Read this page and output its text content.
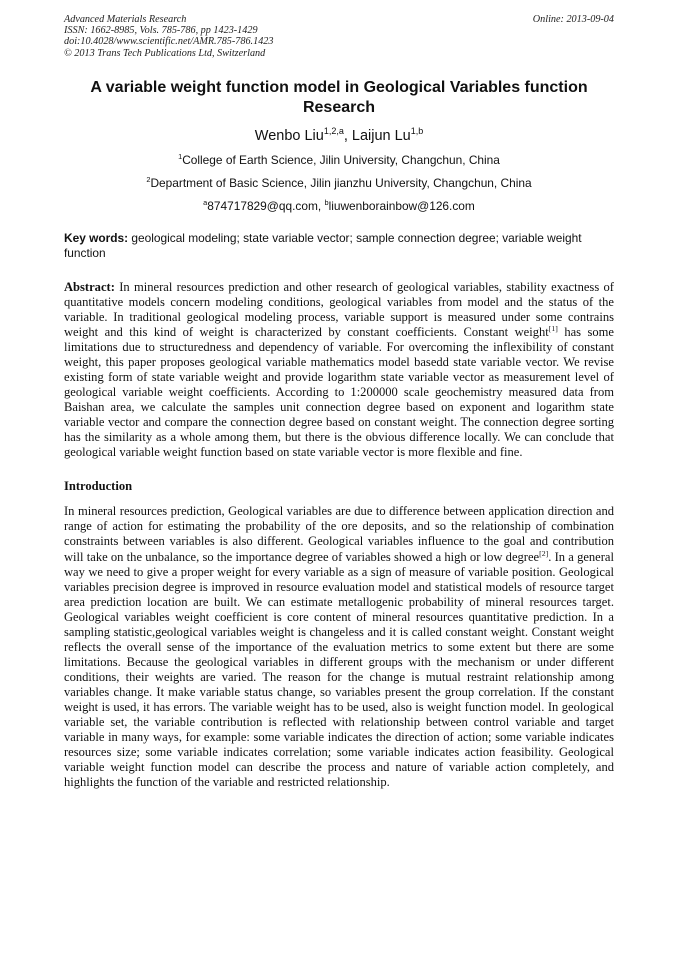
Advanced Materials Research
ISSN: 1662-8985, Vols. 785-786, pp 1423-1429
doi:10.4028/www.scientific.net/AMR.785-786.1423
© 2013 Trans Tech Publications Ltd, Switzerland
Online: 2013-09-04
A variable weight function model in Geological Variables function Research
Wenbo Liu$^{1,2,a}$, Laijun Lu$^{1,b}$
$^1$College of Earth Science, Jilin University, Changchun, China
$^2$Department of Basic Science, Jilin jianzhu University, Changchun, China
$^a$874717829@qq.com, $^b$liuwenborainbow@126.com
Key words: geological modeling; state variable vector; sample connection degree; variable weight function
Abstract: In mineral resources prediction and other research of geological variables, stability exactness of quantitative models concern modeling conditions, geological variables from model and the status of the variable. In traditional geological modeling process, variable support is measured under some contrains weight and this kind of weight is characterized by constant coefficients. Constant weight[1] has some limitations due to structuredness and dependency of variable. For overcoming the inflexibility of constant weight, this paper proposes geological variable mathematics model basedd state variable vector. We revise existing form of state variable weight and provide logarithm state variable vector as measurement level of geological variable weight coefficients. According to 1:200000 scale geochemistry measured data from Baishan area, we calculate the samples unit connection degree based on exponent and logarithm state variable vector and compare the connection degree based on constant weight. The connection degree sorting has the similarity as a whole among them, but there is the obvious difference locally. We can conclude that geological variable weight function based on state variable vector is more flexible and fine.
Introduction
In mineral resources prediction, Geological variables are due to difference between application direction and range of action for estimating the probability of the ore deposits, and so the relationship of combination constraints between variables is also different. Geological variables influence to the goal and contribution will take on the unbalance, so the importance degree of variables showed a high or low degree[2]. In a general way we need to give a proper weight for every variable as a sign of measure of variable position. Geological variables precision degree is improved in resource evaluation model and statistical models of resource target area prediction location are built. We can estimate metallogenic probability of mineral resources target. Geological variables weight coefficient is core content of mineral resources quantitative prediction. In a sampling statistic,geological variables weight is changeless and it is called constant weight. Constant weight reflects the overall sense of the importance of the evaluation metrics to some extent but there are some limitations. Because the geological variables in different groups with the mechanism or under different conditions, their weights are varied. The reason for the change is mutual restraint relationship among variables change. It make variable status change, so variables present the group correlation. If the constant weight is used, it has errors. The variable weight has to be used, also is weight function model. In geological variable set, the variable contribution is reflected with relationship between control variable and target variable in many ways, for example: some variable indicates the direction of action; some variable indicates resources size; some variable indicates correlation; some variable indicates action feasibility. Geological variable weight function model can describe the process and nature of variable action completely, and highlights the function of the variable and restricted relationship.
